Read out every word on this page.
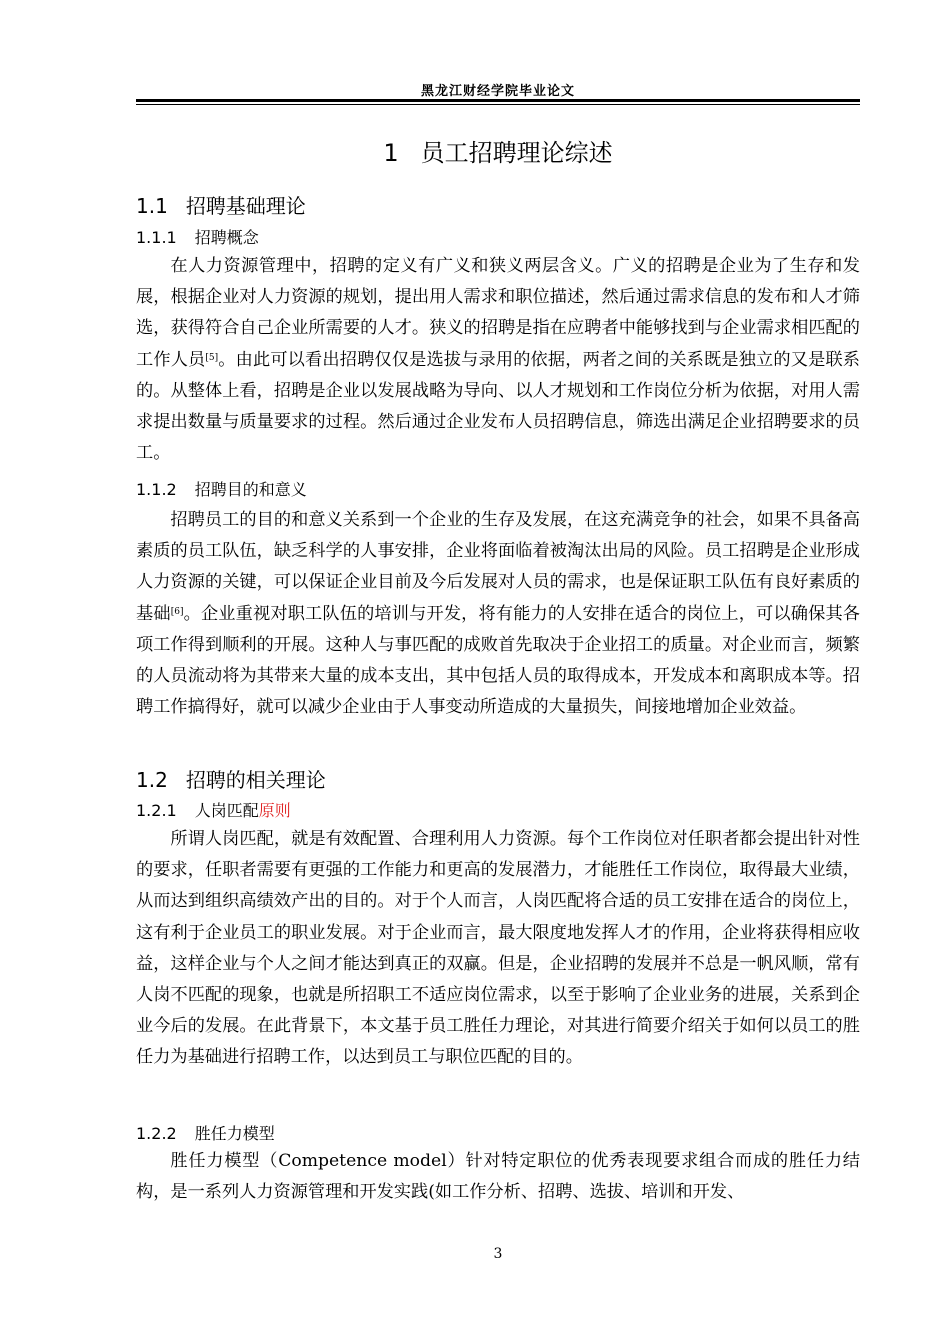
黑龙江财经学院毕业论文
1 员工招聘理论综述
1.1 招聘基础理论
1.1.1 招聘概念

在人力资源管理中，招聘的定义有广义和狭义两层含义。广义的招聘是企业为了生存和发展，根据企业对人力资源的规划，提出用人需求和职位描述，然后通过需求信息的发布和人才筛选，获得符合自己企业所需要的人才。狭义的招聘是指在应聘者中能够找到与企业需求相匹配的工作人员[5]。由此可以看出招聘仅仅是选拔与录用的依据，两者之间的关系既是独立的又是联系的。从整体上看，招聘是企业以发展战略为导向、以人才规划和工作岗位分析为依据，对用人需求提出数量与质量要求的过程。然后通过企业发布人员招聘信息，筛选出满足企业招聘要求的员工。

1.1.2 招聘目的和意义

招聘员工的目的和意义关系到一个企业的生存及发展，在这充满竞争的社会，如果不具备高素质的员工队伍，缺乏科学的人事安排，企业将面临着被淘汰出局的风险。员工招聘是企业形成人力资源的关键，可以保证企业目前及今后发展对人员的需求，也是保证职工队伍有良好素质的基础[6]。企业重视对职工队伍的培训与开发，将有能力的人安排在适合的岗位上，可以确保其各项工作得到顺利的开展。这种人与事匹配的成败首先取决于企业招工的质量。对企业而言，频繁的人员流动将为其带来大量的成本支出，其中包括人员的取得成本，开发成本和离职成本等。招聘工作搞得好，就可以减少企业由于人事变动所造成的大量损失，间接地增加企业效益。

1.2 招聘的相关理论
1.2.1 人岗匹配原则

所谓人岗匹配，就是有效配置、合理利用人力资源。每个工作岗位对任职者都会提出针对性的要求，任职者需要有更强的工作能力和更高的发展潜力，才能胜任工作岗位，取得最大业绩，从而达到组织高绩效产出的目的。对于个人而言，人岗匹配将合适的员工安排在适合的岗位上，这有利于企业员工的职业发展。对于企业而言，最大限度地发挥人才的作用，企业将获得相应收益，这样企业与个人之间才能达到真正的双赢。但是，企业招聘的发展并不总是一帆风顺，常有人岗不匹配的现象，也就是所招职工不适应岗位需求，以至于影响了企业业务的进展，关系到企业今后的发展。在此背景下，本文基于员工胜任力理论，对其进行简要介绍关于如何以员工的胜任力为基础进行招聘工作，以达到员工与职位匹配的目的。

1.2.2 胜任力模型

胜任力模型（Competence model）针对特定职位的优秀表现要求组合而成的胜任力结构，是一系列人力资源管理和开发实践(如工作分析、招聘、选拔、培训和开发、

3
